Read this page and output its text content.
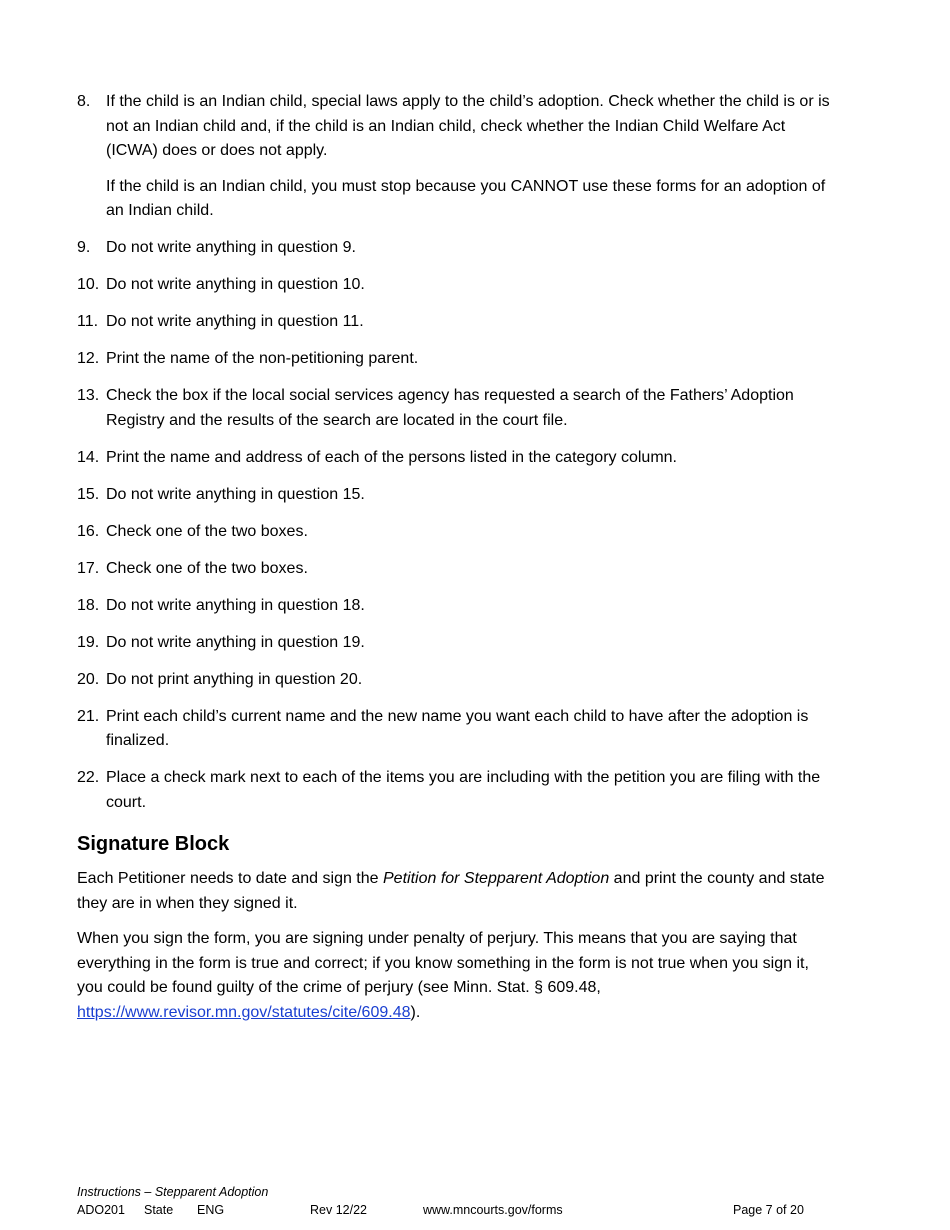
8. If the child is an Indian child, special laws apply to the child’s adoption. Check whether the child is or is not an Indian child and, if the child is an Indian child, check whether the Indian Child Welfare Act (ICWA) does or does not apply.

If the child is an Indian child, you must stop because you CANNOT use these forms for an adoption of an Indian child.

9. Do not write anything in question 9.

10. Do not write anything in question 10.

11. Do not write anything in question 11.

12. Print the name of the non-petitioning parent.

13. Check the box if the local social services agency has requested a search of the Fathers’ Adoption Registry and the results of the search are located in the court file.

14. Print the name and address of each of the persons listed in the category column.

15. Do not write anything in question 15.

16. Check one of the two boxes.

17. Check one of the two boxes.

18. Do not write anything in question 18.

19. Do not write anything in question 19.

20. Do not print anything in question 20.

21. Print each child’s current name and the new name you want each child to have after the adoption is finalized.

22. Place a check mark next to each of the items you are including with the petition you are filing with the court.

Signature Block

Each Petitioner needs to date and sign the Petition for Stepparent Adoption and print the county and state they are in when they signed it.

When you sign the form, you are signing under penalty of perjury. This means that you are saying that everything in the form is true and correct; if you know something in the form is not true when you sign it, you could be found guilty of the crime of perjury (see Minn. Stat. § 609.48, https://www.revisor.mn.gov/statutes/cite/609.48).

Instructions – Stepparent Adoption
ADO201 State ENG	Rev 12/22	www.mncourts.gov/forms	Page 7 of 20
